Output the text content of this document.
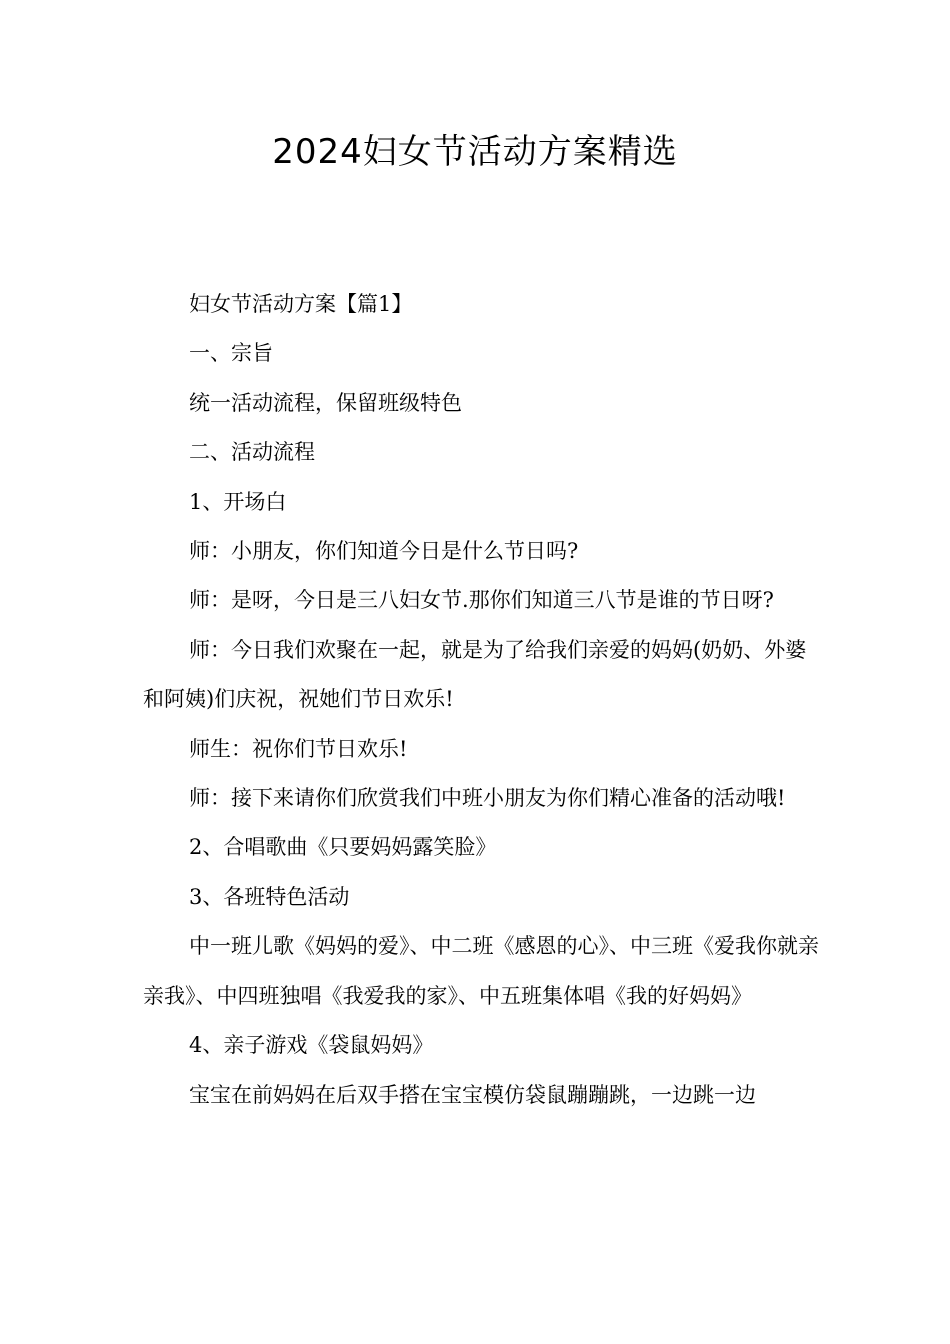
2024妇女节活动方案精选

妇女节活动方案【篇1】

一、宗旨

统一活动流程，保留班级特色

二、活动流程

1、开场白

师：小朋友，你们知道今日是什么节日吗?

师：是呀，今日是三八妇女节.那你们知道三八节是谁的节日呀?

师：今日我们欢聚在一起，就是为了给我们亲爱的妈妈(奶奶、外婆和阿姨)们庆祝，祝她们节日欢乐!

师生：祝你们节日欢乐!

师：接下来请你们欣赏我们中班小朋友为你们精心准备的活动哦!

2、合唱歌曲《只要妈妈露笑脸》

3、各班特色活动

中一班儿歌《妈妈的爱》、中二班《感恩的心》、中三班《爱我你就亲亲我》、中四班独唱《我爱我的家》、中五班集体唱《我的好妈妈》

4、亲子游戏《袋鼠妈妈》

宝宝在前妈妈在后双手搭在宝宝模仿袋鼠蹦蹦跳，一边跳一边
